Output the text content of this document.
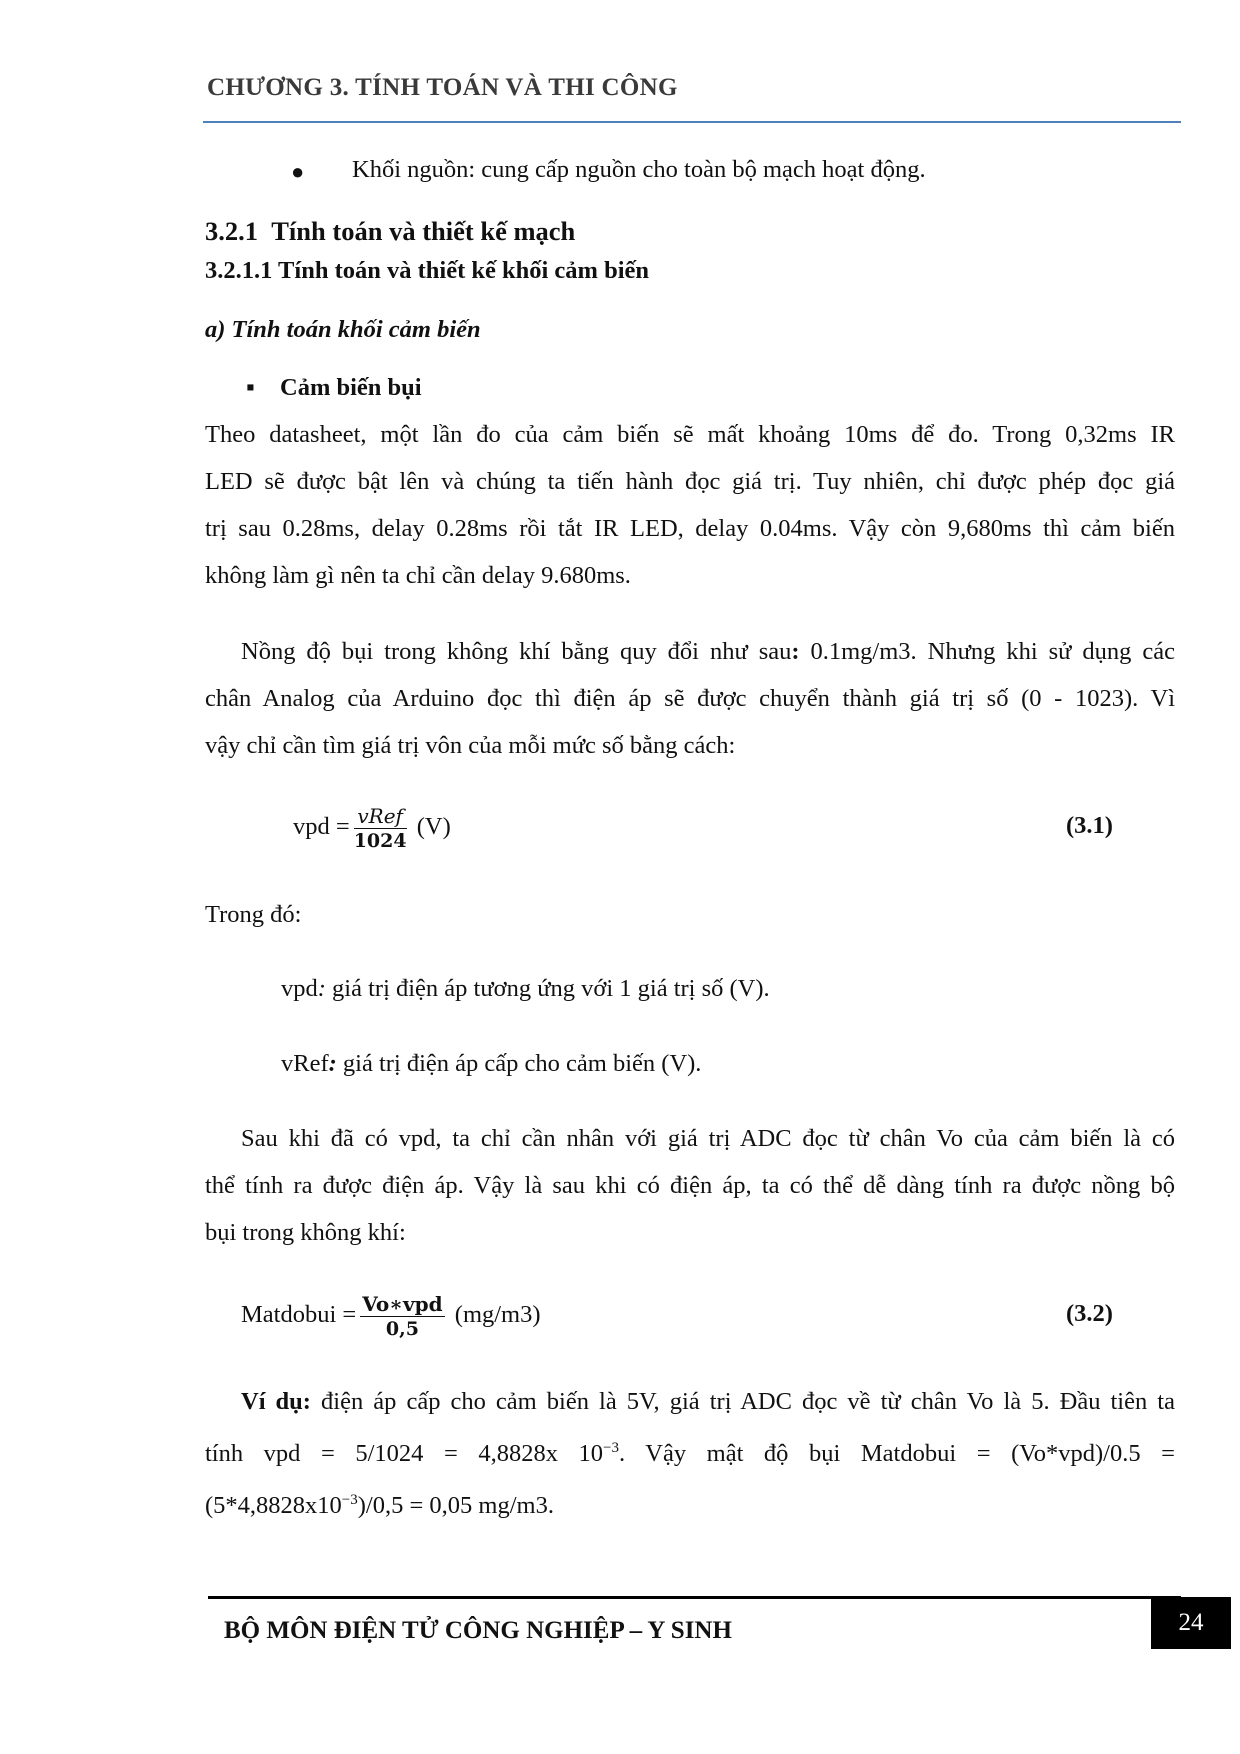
CHƯƠNG 3. TÍNH TOÁN VÀ THI CÔNG
● Khối nguồn: cung cấp nguồn cho toàn bộ mạch hoạt động.
3.2.1 Tính toán và thiết kế mạch
3.2.1.1 Tính toán và thiết kế khối cảm biến
a) Tính toán khối cảm biến
▪ Cảm biến bụi
Theo datasheet, một lần đo của cảm biến sẽ mất khoảng 10ms để đo. Trong 0,32ms IR
LED sẽ được bật lên và chúng ta tiến hành đọc giá trị. Tuy nhiên, chỉ được phép đọc giá
trị sau 0.28ms, delay 0.28ms rồi tắt IR LED, delay 0.04ms. Vậy còn 9,680ms thì cảm biến
không làm gì nên ta chỉ cần delay 9.680ms.
Nồng độ bụi trong không khí bằng quy đổi như sau: 0.1mg/m3. Nhưng khi sử dụng các
chân Analog của Arduino đọc thì điện áp sẽ được chuyển thành giá trị số (0 - 1023). Vì
vậy chỉ cần tìm giá trị vôn của mỗi mức số bằng cách:
vpd = $\frac{\text{vRef}}{1024} (V)$	(3.1)
Trong đó:
vpd: giá trị điện áp tương ứng với 1 giá trị số (V).
vRef: giá trị điện áp cấp cho cảm biến (V).
Sau khi đã có vpd, ta chỉ cần nhân với giá trị ADC đọc từ chân Vo của cảm biến là có
thể tính ra được điện áp. Vậy là sau khi có điện áp, ta có thể dễ dàng tính ra được nồng bộ
bụi trong không khí:
Matdobui = $\frac{\text{Vo∗vpd}}{0,5} (mg/m3)$	(3.2)
Ví dụ: điện áp cấp cho cảm biến là 5V, giá trị ADC đọc về từ chân Vo là 5. Đầu tiên ta
tính vpd = 5/1024 = 4,8828x $10^{-3}$. Vậy mật độ bụi Matdobui = (Vo*vpd)/0.5 =
$(5*4,8828x10^{-3})/0,5 = 0,05$ mg/m3.
BỘ MÔN ĐIỆN TỬ CÔNG NGHIỆP – Y SINH	24
